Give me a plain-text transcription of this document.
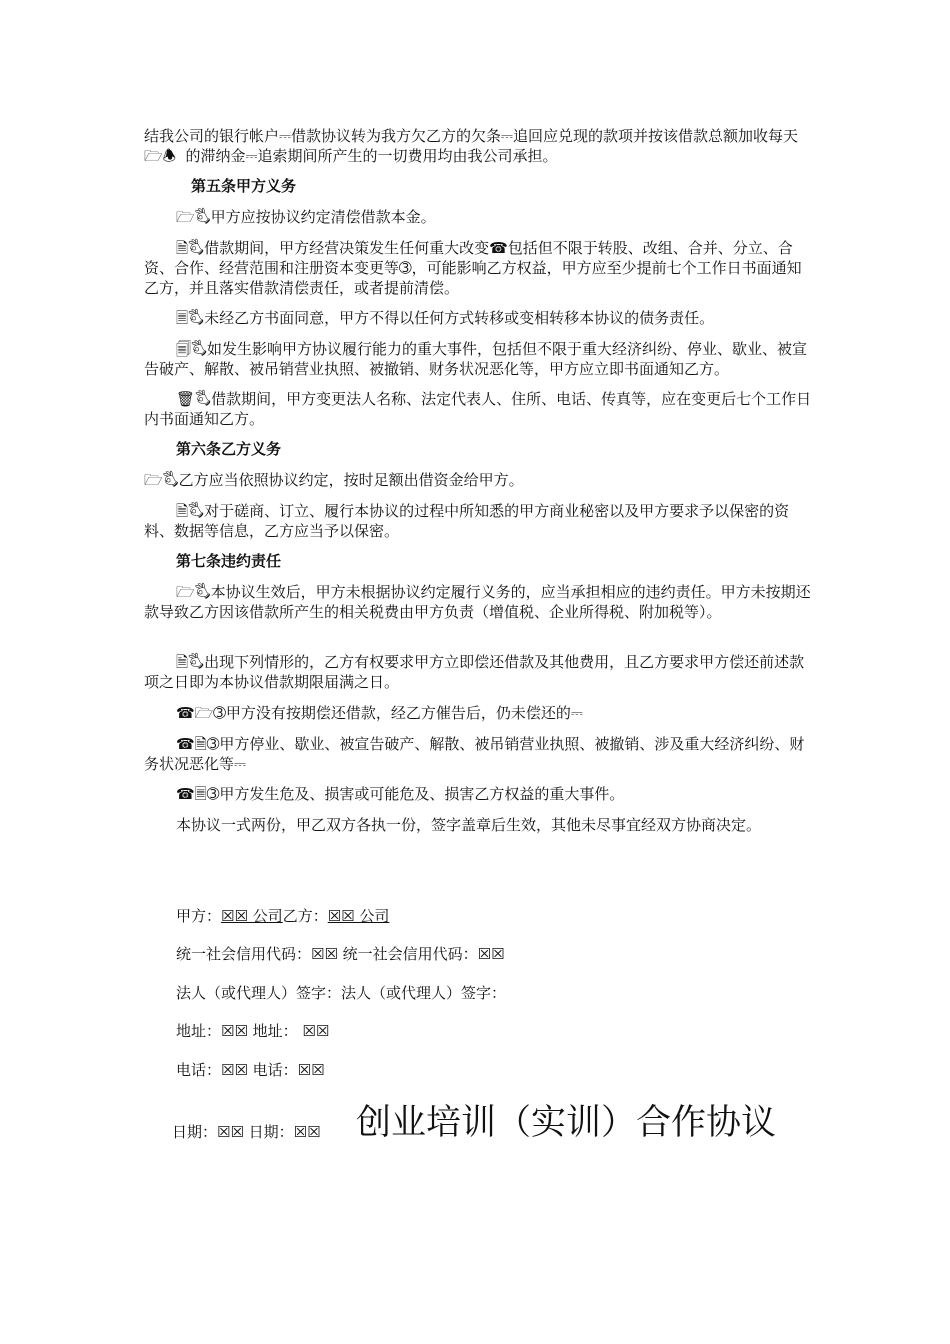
结我公司的银行帐户⎓借款协议转为我方欠乙方的欠条⎓追回应兑现的款项并按该借款总额加收每天   🗁🕭  的滞纳金⎓追索期间所产生的一切费用均由我公司承担。

第五条甲方义务

🗁🖏甲方应按协议约定清偿借款本金。

🗎🖏借款期间，甲方经营决策发生任何重大改变☎包括但不限于转股、改组、合并、分立、合资、合作、经营范围和注册资本变更等➂，可能影响乙方权益，甲方应至少提前七个工作日书面通知乙方，并且落实借款清偿责任，或者提前清偿。

🗏🖏未经乙方书面同意，甲方不得以任何方式转移或变相转移本协议的债务责任。

🗐🖏如发生影响甲方协议履行能力的重大事件，包括但不限于重大经济纠纷、停业、歇业、被宣告破产、解散、被吊销营业执照、被撤销、财务状况恶化等，甲方应立即书面通知乙方。

🗑🖏借款期间，甲方变更法人名称、法定代表人、住所、电话、传真等，应在变更后七个工作日内书面通知乙方。

第六条乙方义务

🗁🖏乙方应当依照协议约定，按时足额出借资金给甲方。

🗎🖏对于磋商、订立、履行本协议的过程中所知悉的甲方商业秘密以及甲方要求予以保密的资料、数据等信息，乙方应当予以保密。

第七条违约责任

🗁🖏本协议生效后，甲方未根据协议约定履行义务的，应当承担相应的违约责任。甲方未按期还款导致乙方因该借款所产生的相关税费由甲方负责（增值税、企业所得税、附加税等）。

🗎🖏出现下列情形的，乙方有权要求甲方立即偿还借款及其他费用，且乙方要求甲方偿还前述款项之日即为本协议借款期限届满之日。

☎🗁➂甲方没有按期偿还借款，经乙方催告后，仍未偿还的⎓

☎🗎➂甲方停业、歇业、被宣告破产、解散、被吊销营业执照、被撤销、涉及重大经济纠纷、财务状况恶化等⎓

☎🗏➂甲方发生危及、损害或可能危及、损害乙方权益的重大事件。

本协议一式两份，甲乙双方各执一份，签字盖章后生效，其他未尽事宜经双方协商决定。

甲方：☒☒ 公司乙方：☒☒ 公司
统一社会信用代码：☒☒ 统一社会信用代码：☒☒
法人（或代理人）签字：法人（或代理人）签字：
地址：☒☒ 地址： ☒☒
电话：☒☒ 电话：☒☒
日期：☒☒ 日期：☒☒ 创业培训（实训）合作协议
